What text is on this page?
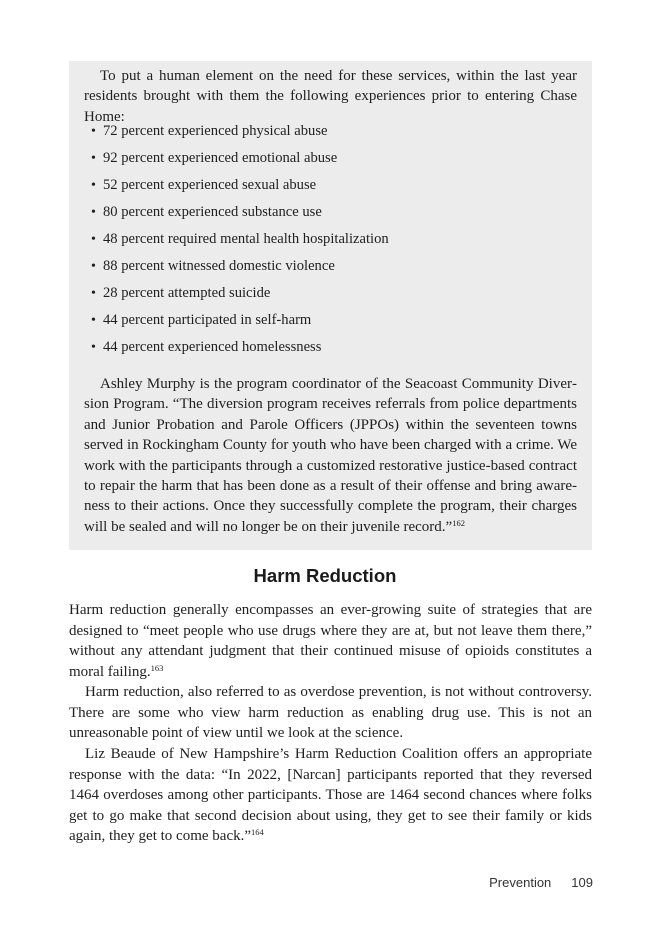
To put a human element on the need for these services, within the last year resi⁠dents brought with them the following experiences prior to entering Chase Home:

• 72 percent experienced physical abuse
• 92 percent experienced emotional abuse
• 52 percent experienced sexual abuse
• 80 percent experienced substance use
• 48 percent required mental health hospitalization
• 88 percent witnessed domestic violence
• 28 percent attempted suicide
• 44 percent participated in self-harm
• 44 percent experienced homelessness

Ashley Murphy is the program coordinator of the Seacoast Community Diversion Program. “The diversion program receives referrals from police departments and Junior Probation and Parole Officers (JPPOs) within the seventeen towns served in Rockingham County for youth who have been charged with a crime. We work with the participants through a customized restorative justice-based contract to repair the harm that has been done as a result of their offense and bring awareness to their actions. Once they successfully complete the program, their charges will be sealed and will no longer be on their juvenile record.”$^{162}$

Harm Reduction

Harm reduction generally encompasses an ever-growing suite of strategies that are designed to “meet people who use drugs where they are at, but not leave them there,” without any attendant judgment that their continued misuse of opioids constitutes a moral failing.$^{163}$

Harm reduction, also referred to as overdose prevention, is not without controversy. There are some who view harm reduction as enabling drug use. This is not an unreasonable point of view until we look at the science.

Liz Beaude of New Hampshire’s Harm Reduction Coalition offers an appropriate response with the data: “In 2022, [Narcan] participants reported that they reversed 1464 overdoses among other participants. Those are 1464 second chances where folks get to go make that second decision about using, they get to see their family or kids again, they get to come back.”$^{164}$

Prevention 109
